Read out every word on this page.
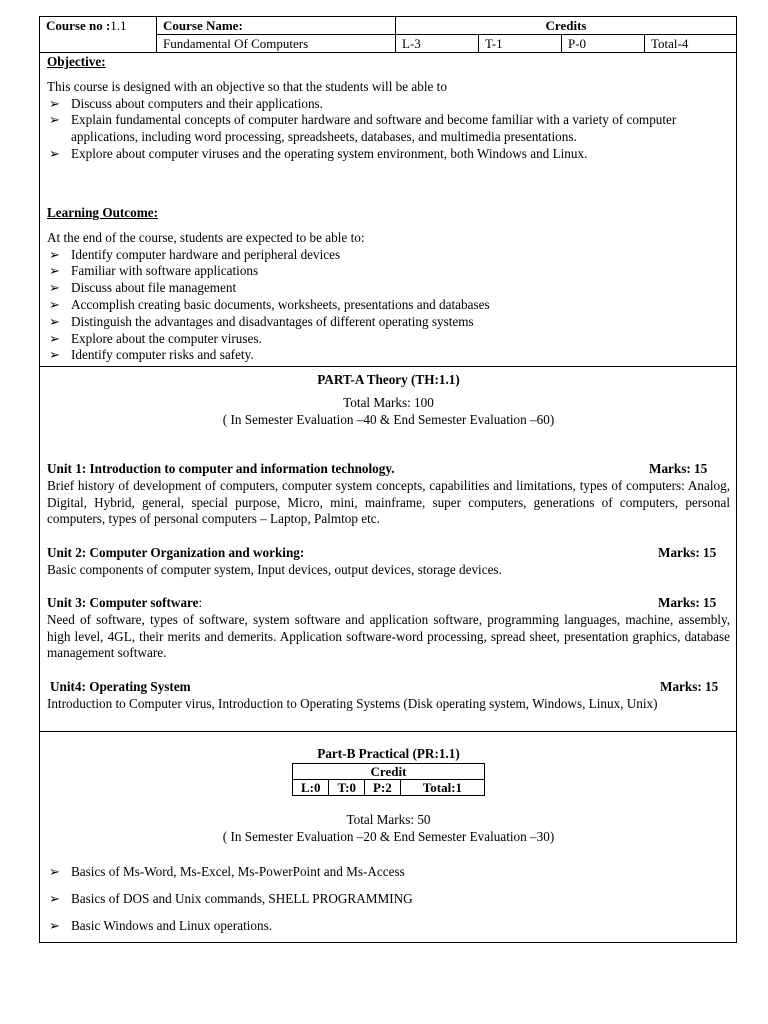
Course no :1.1	Course Name:	Credits			
	Fundamental Of Computers	L-3	T-1	P-0	Total-4
Objective:
This course is designed with an objective so that the students will be able to
➢ Discuss about computers and their applications.
➢ Explain fundamental concepts of computer hardware and software and become familiar with a variety of computer applications, including word processing, spreadsheets, databases, and multimedia presentations.
➢ Explore about computer viruses and the operating system environment, both Windows and Linux.
Learning Outcome:
At the end of the course, students are expected to be able to:
➢ Identify computer hardware and peripheral devices
➢ Familiar with software applications
➢ Discuss about file management
➢ Accomplish creating basic documents, worksheets, presentations and databases
➢ Distinguish the advantages and disadvantages of different operating systems
➢ Explore about the computer viruses.
➢ Identify computer risks and safety.
PART-A Theory (TH:1.1)
Total Marks: 100
( In Semester Evaluation –40 & End Semester Evaluation –60)
Unit 1: Introduction to computer and information technology.	Marks: 15
Brief history of development of computers, computer system concepts, capabilities and limitations, types of computers: Analog, Digital, Hybrid, general, special purpose, Micro, mini, mainframe, super computers, generations of computers, personal computers, types of personal computers – Laptop, Palmtop etc.
Unit 2: Computer Organization and working:	Marks: 15
Basic components of computer system, Input devices, output devices, storage devices.
Unit 3: Computer software:	Marks: 15
Need of software, types of software, system software and application software, programming languages, machine, assembly, high level, 4GL, their merits and demerits. Application software-word processing, spread sheet, presentation graphics, database management software.
Unit4: Operating System	Marks: 15
Introduction to Computer virus, Introduction to Operating Systems (Disk operating system, Windows, Linux, Unix)
Part-B Practical (PR:1.1)
Credit
L:0	T:0	P:2	Total:1
Total Marks: 50
( In Semester Evaluation –20 & End Semester Evaluation –30)
➢ Basics of Ms-Word, Ms-Excel, Ms-PowerPoint and Ms-Access
➢ Basics of DOS and Unix commands, SHELL PROGRAMMING
➢ Basic Windows and Linux operations.
